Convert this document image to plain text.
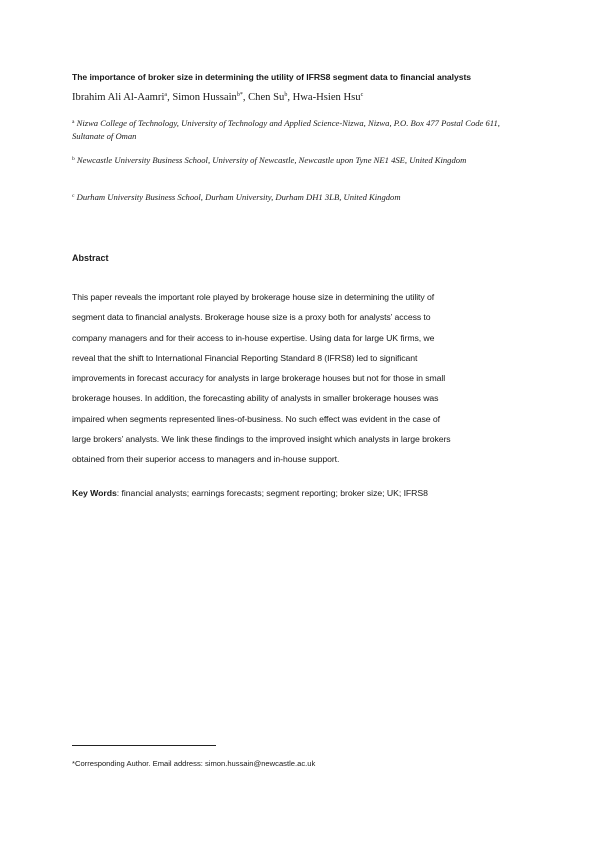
The importance of broker size in determining the utility of IFRS8 segment data to financial analysts
Ibrahim Ali Al-Aamri$^a$, Simon Hussain$^{b*}$, Chen Su$^b$, Hwa-Hsien Hsu$^c$
$^a$ Nizwa College of Technology, University of Technology and Applied Science-Nizwa, Nizwa, P.O. Box 477 Postal Code 611, Sultanate of Oman
$^b$ Newcastle University Business School, University of Newcastle, Newcastle upon Tyne NE1 4SE, United Kingdom
$^c$ Durham University Business School, Durham University, Durham DH1 3LB, United Kingdom
Abstract
This paper reveals the important role played by brokerage house size in determining the utility of
segment data to financial analysts. Brokerage house size is a proxy both for analysts’ access to
company managers and for their access to in-house expertise. Using data for large UK firms, we
reveal that the shift to International Financial Reporting Standard 8 (IFRS8) led to significant
improvements in forecast accuracy for analysts in large brokerage houses but not for those in small
brokerage houses. In addition, the forecasting ability of analysts in smaller brokerage houses was
impaired when segments represented lines-of-business. No such effect was evident in the case of
large brokers’ analysts. We link these findings to the improved insight which analysts in large brokers
obtained from their superior access to managers and in-house support.
Key Words: financial analysts; earnings forecasts; segment reporting; broker size; UK; IFRS8
*Corresponding Author. Email address: simon.hussain@newcastle.ac.uk
